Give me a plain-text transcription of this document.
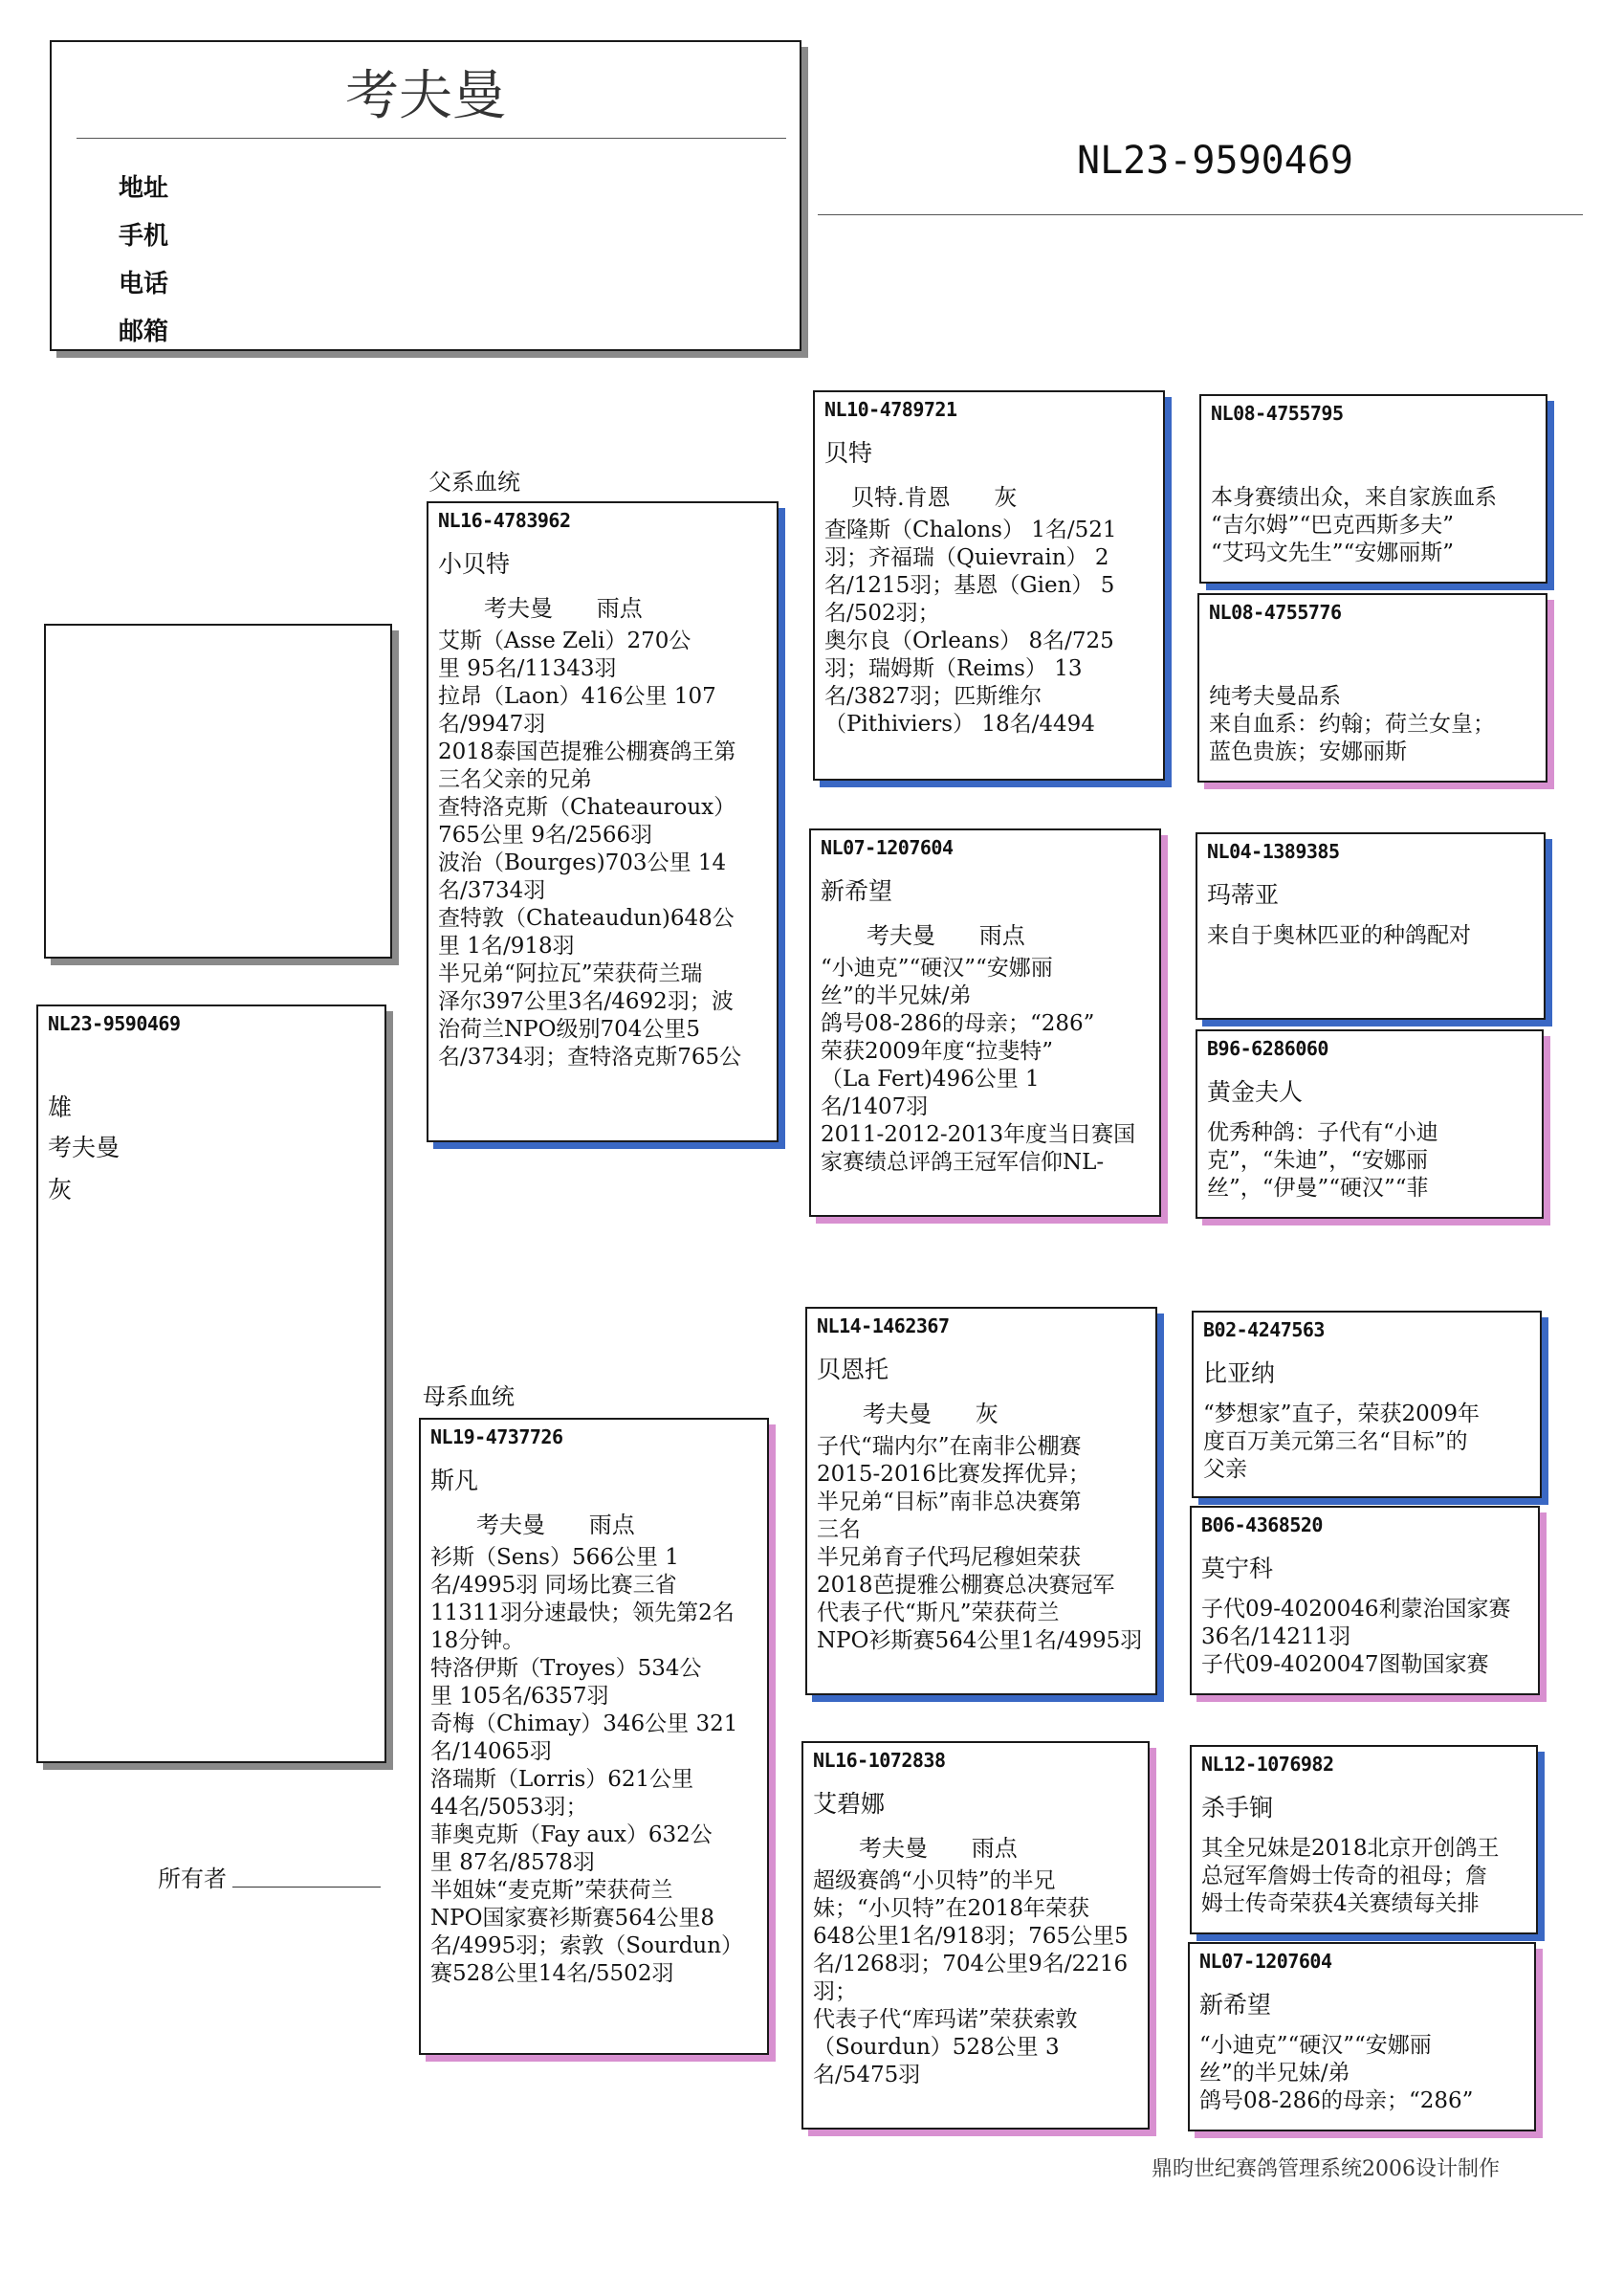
考夫曼
地址
手机
电话
邮箱
NL23-9590469
父系血统
母系血统
NL23-9590469
雄
考夫曼
灰
所有者
NL16-4783962
小贝特
考夫曼      雨点
艾斯（Asse Zeli）270公
里 95名/11343羽
拉昂（Laon）416公里 107
名/9947羽
2018泰国芭提雅公棚赛鸽王第
三名父亲的兄弟
查特洛克斯（Chateauroux）
765公里 9名/2566羽
波治（Bourges)703公里 14
名/3734羽
查特敦（Chateaudun)648公
里 1名/918羽
半兄弟“阿拉瓦”荣获荷兰瑞
泽尔397公里3名/4692羽；波
治荷兰NPO级别704公里5
名/3734羽；查特洛克斯765公
NL19-4737726
斯凡
考夫曼      雨点
衫斯（Sens）566公里 1
名/4995羽 同场比赛三省
11311羽分速最快；领先第2名
18分钟。
特洛伊斯（Troyes）534公
里 105名/6357羽
奇梅（Chimay）346公里 321
名/14065羽
洛瑞斯（Lorris）621公里
44名/5053羽；
菲奥克斯（Fay aux）632公
里 87名/8578羽
半姐妹“麦克斯”荣获荷兰
NPO国家赛衫斯赛564公里8
名/4995羽；索敦（Sourdun）
赛528公里14名/5502羽
NL10-4789721
贝特
贝特.肯恩      灰
查隆斯（Chalons） 1名/521
羽；齐福瑞（Quievrain） 2
名/1215羽；基恩（Gien） 5
名/502羽；
奥尔良（Orleans） 8名/725
羽；瑞姆斯（Reims） 13
名/3827羽；匹斯维尔
（Pithiviers） 18名/4494
NL07-1207604
新希望
考夫曼      雨点
“小迪克”“硬汉”“安娜丽
丝”的半兄妹/弟
鸽号08-286的母亲；“286”
荣获2009年度“拉斐特”
（La Fert)496公里 1
名/1407羽
2011-2012-2013年度当日赛国
家赛绩总评鸽王冠军信仰NL-
NL14-1462367
贝恩托
考夫曼      灰
子代“瑞内尔”在南非公棚赛
2015-2016比赛发挥优异；
半兄弟“目标”南非总决赛第
三名
半兄弟育子代玛尼穆妲荣获
2018芭提雅公棚赛总决赛冠军
代表子代“斯凡”荣获荷兰
NPO衫斯赛564公里1名/4995羽
NL16-1072838
艾碧娜
考夫曼      雨点
超级赛鸽“小贝特”的半兄
妹；“小贝特”在2018年荣获
648公里1名/918羽；765公里5
名/1268羽；704公里9名/2216
羽；
代表子代“库玛诺”荣获索敦
（Sourdun）528公里 3
名/5475羽
NL08-4755795
本身赛绩出众，来自家族血系
“吉尔姆”“巴克西斯多夫”
“艾玛文先生”“安娜丽斯”
NL08-4755776
纯考夫曼品系
来自血系：约翰；荷兰女皇；
蓝色贵族；安娜丽斯
NL04-1389385
玛蒂亚
来自于奥林匹亚的种鸽配对
B96-6286060
黄金夫人
优秀种鸽：子代有“小迪
克”，“朱迪”，“安娜丽
丝”，“伊曼”“硬汉”“菲
B02-4247563
比亚纳
“梦想家”直子，荣获2009年
度百万美元第三名“目标”的
父亲
B06-4368520
莫宁科
子代09-4020046利蒙治国家赛
36名/14211羽
子代09-4020047图勒国家赛
NL12-1076982
杀手锏
其全兄妹是2018北京开创鸽王
总冠军詹姆士传奇的祖母；詹
姆士传奇荣获4关赛绩每关排
NL07-1207604
新希望
“小迪克”“硬汉”“安娜丽
丝”的半兄妹/弟
鸽号08-286的母亲；“286”
鼎昀世纪赛鸽管理系统2006设计制作
